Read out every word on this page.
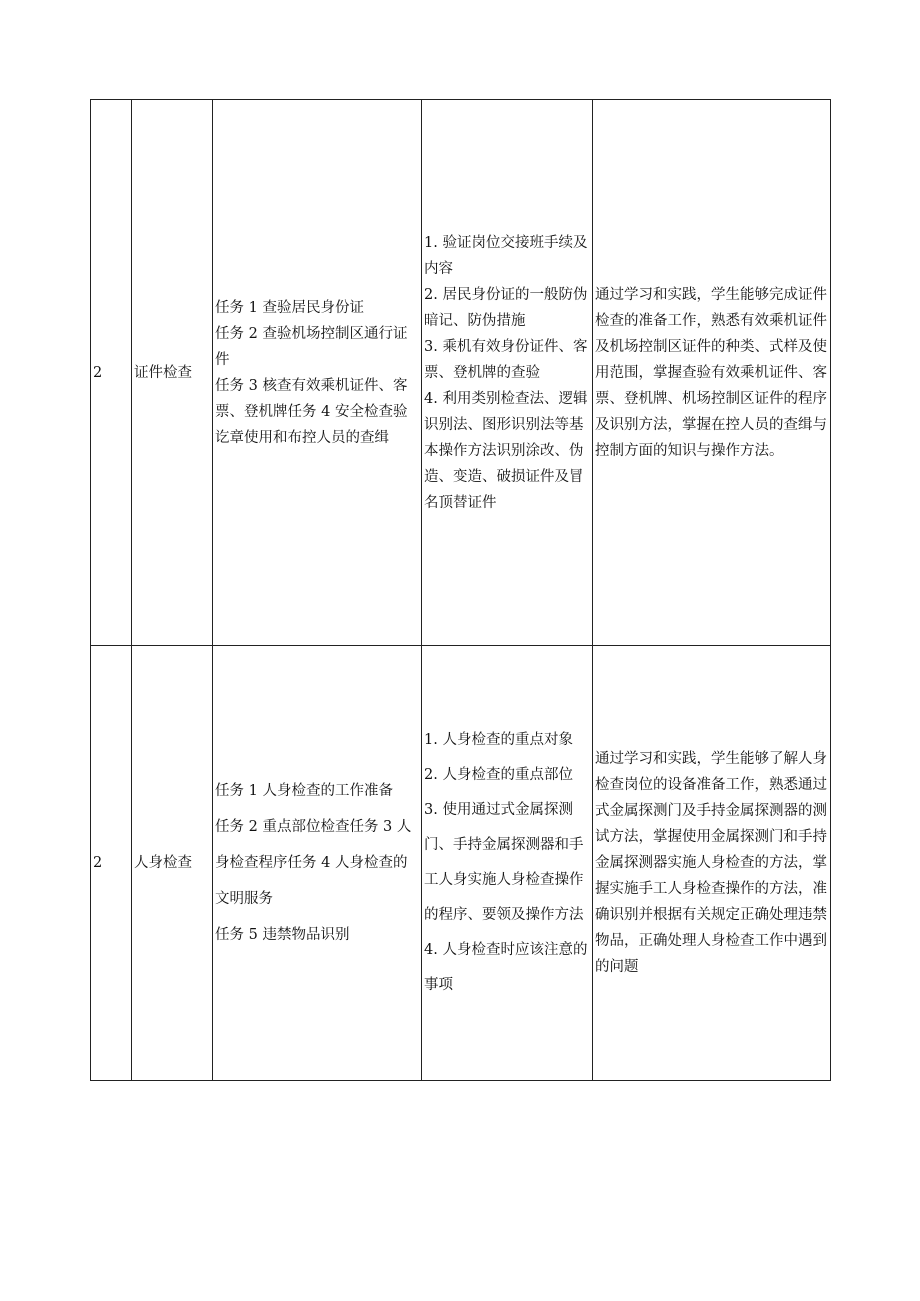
2	证件检查	任务 1 查验居民身份证
任务 2 查验机场控制区通行证件
任务 3 核查有效乘机证件、客票、登机牌任务 4 安全检查验讫章使用和布控人员的查缉	1. 验证岗位交接班手续及内容
2. 居民身份证的一般防伪暗记、防伪措施
3. 乘机有效身份证件、客票、登机牌的查验
4. 利用类别检查法、逻辑识别法、图形识别法等基本操作方法识别涂改、伪造、变造、破损证件及冒名顶替证件	通过学习和实践，学生能够完成证件检查的准备工作，熟悉有效乘机证件及机场控制区证件的种类、式样及使用范围，掌握查验有效乘机证件、客票、登机牌、机场控制区证件的程序及识别方法，掌握在控人员的查缉与控制方面的知识与操作方法。
2	人身检查	任务 1 人身检查的工作准备
任务 2 重点部位检查任务 3 人身检查程序任务 4 人身检查的文明服务
任务 5 违禁物品识别	1. 人身检查的重点对象
2. 人身检查的重点部位
3. 使用通过式金属探测门、手持金属探测器和手工人身实施人身检查操作的程序、要领及操作方法
4. 人身检查时应该注意的事项	通过学习和实践，学生能够了解人身检查岗位的设备准备工作，熟悉通过式金属探测门及手持金属探测器的测试方法，掌握使用金属探测门和手持金属探测器实施人身检查的方法，掌握实施手工人身检查操作的方法，准确识别并根据有关规定正确处理违禁物品，正确处理人身检查工作中遇到的问题
